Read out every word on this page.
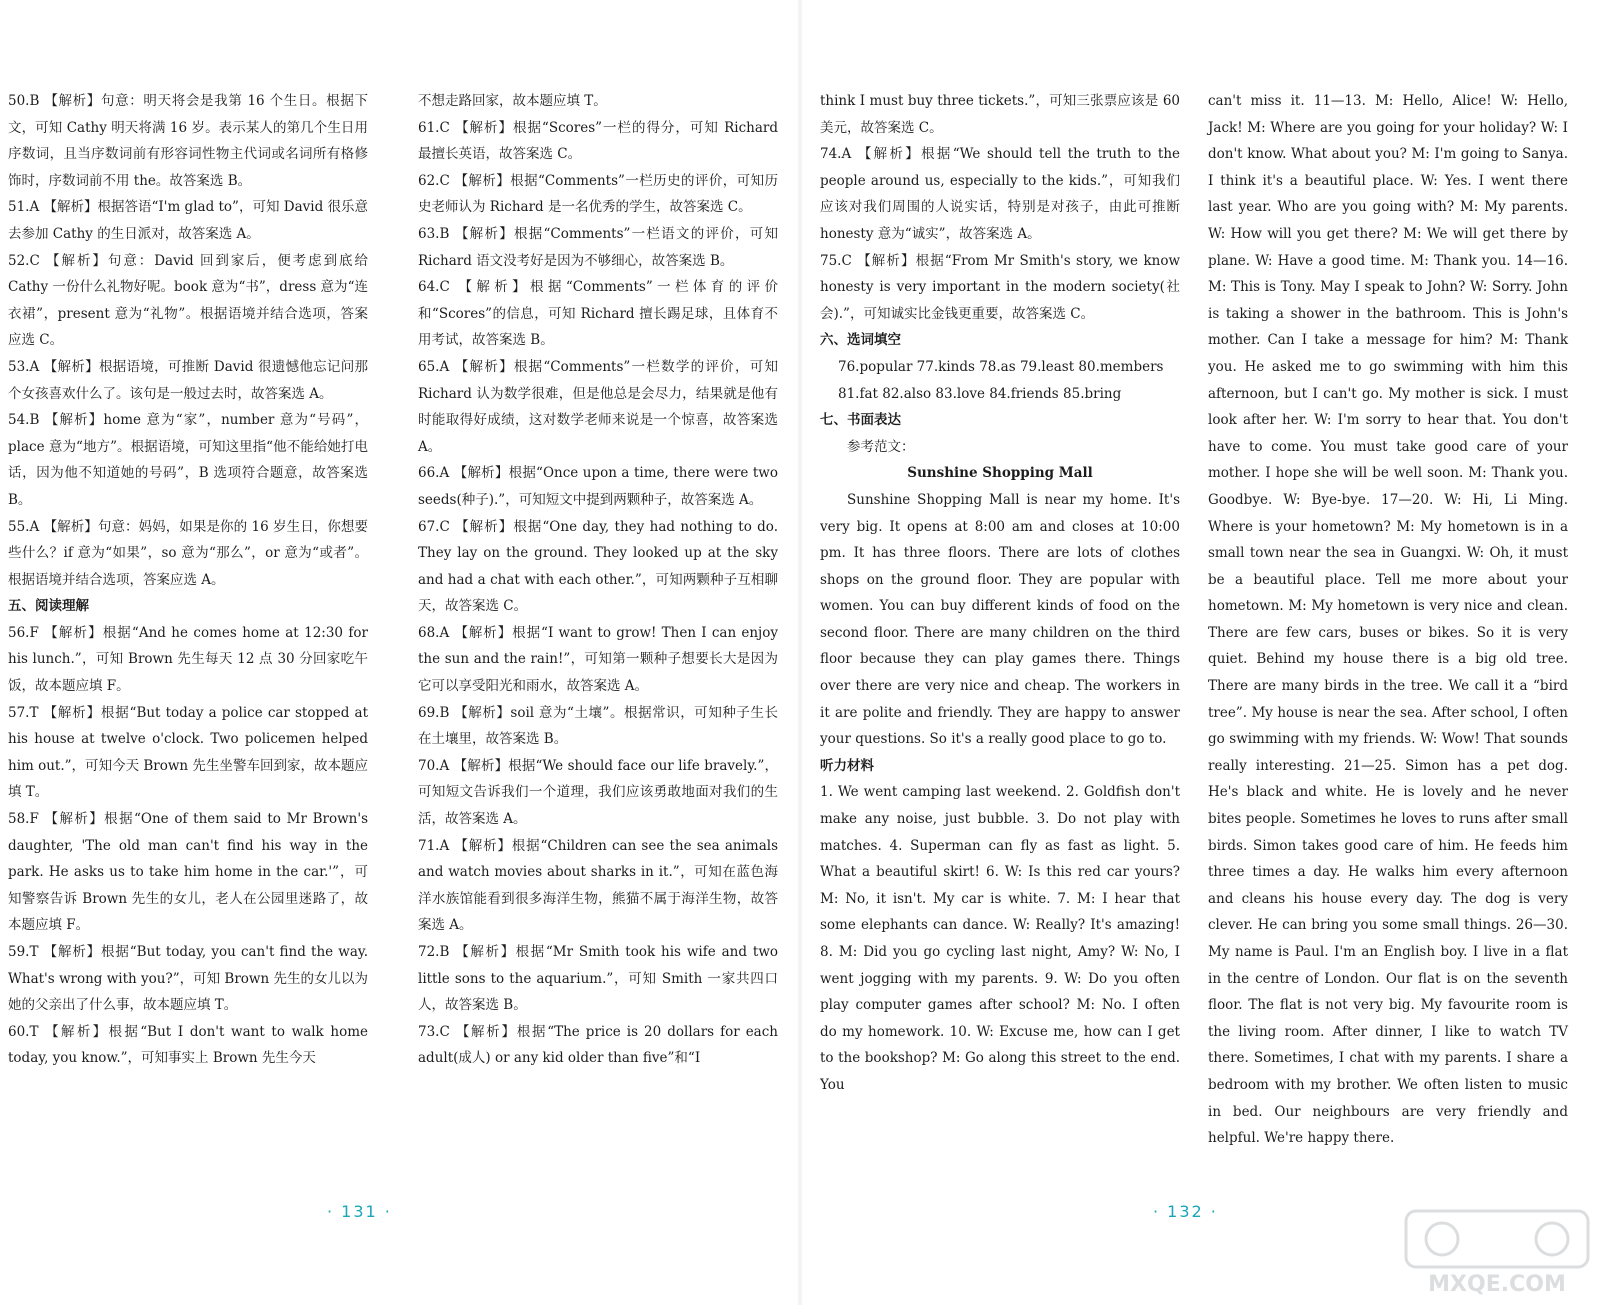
50.B 【解析】句意：明天将会是我第 16 个生日。根据下文，可知 Cathy 明天将满 16 岁。表示某人的第几个生日用序数词，且当序数词前有形容词性物主代词或名词所有格修饰时，序数词前不用 the。故答案选 B。

51.A 【解析】根据答语“I'm glad to”，可知 David 很乐意去参加 Cathy 的生日派对，故答案选 A。

52.C 【解析】句意：David 回到家后，便考虑到底给 Cathy 一份什么礼物好呢。book 意为“书”，dress 意为“连衣裙”，present 意为“礼物”。根据语境并结合选项，答案应选 C。

53.A 【解析】根据语境，可推断 David 很遗憾他忘记问那个女孩喜欢什么了。该句是一般过去时，故答案选 A。

54.B 【解析】home 意为“家”，number 意为“号码”，place 意为“地方”。根据语境，可知这里指“他不能给她打电话，因为他不知道她的号码”，B 选项符合题意，故答案选 B。

55.A 【解析】句意：妈妈，如果是你的 16 岁生日，你想要些什么？if 意为“如果”，so 意为“那么”，or 意为“或者”。根据语境并结合选项，答案应选 A。

五、阅读理解

56.F 【解析】根据“And he comes home at 12:30 for his lunch.”，可知 Brown 先生每天 12 点 30 分回家吃午饭，故本题应填 F。

57.T 【解析】根据“But today a police car stopped at his house at twelve o'clock. Two policemen helped him out.”，可知今天 Brown 先生坐警车回到家，故本题应填 T。

58.F 【解析】根据“One of them said to Mr Brown's daughter, 'The old man can't find his way in the park. He asks us to take him home in the car.'”，可知警察告诉 Brown 先生的女儿，老人在公园里迷路了，故本题应填 F。

59.T 【解析】根据“But today, you can't find the way. What's wrong with you?”，可知 Brown 先生的女儿以为她的父亲出了什么事，故本题应填 T。

60.T 【解析】根据“But I don't want to walk home today, you know.”，可知事实上 Brown 先生今天

不想走路回家，故本题应填 T。

61.C 【解析】根据“Scores”一栏的得分，可知 Richard 最擅长英语，故答案选 C。

62.C 【解析】根据“Comments”一栏历史的评价，可知历史老师认为 Richard 是一名优秀的学生，故答案选 C。

63.B 【解析】根据“Comments”一栏语文的评价，可知 Richard 语文没考好是因为不够细心，故答案选 B。

64.C 【解析】根据“Comments”一栏体育的评价和“Scores”的信息，可知 Richard 擅长踢足球，且体育不用考试，故答案选 B。

65.A 【解析】根据“Comments”一栏数学的评价，可知 Richard 认为数学很难，但是他总是会尽力，结果就是他有时能取得好成绩，这对数学老师来说是一个惊喜，故答案选 A。

66.A 【解析】根据“Once upon a time, there were two seeds(种子).”，可知短文中提到两颗种子，故答案选 A。

67.C 【解析】根据“One day, they had nothing to do. They lay on the ground. They looked up at the sky and had a chat with each other.”，可知两颗种子互相聊天，故答案选 C。

68.A 【解析】根据“I want to grow! Then I can enjoy the sun and the rain!”，可知第一颗种子想要长大是因为它可以享受阳光和雨水，故答案选 A。

69.B 【解析】soil 意为“土壤”。根据常识，可知种子生长在土壤里，故答案选 B。

70.A 【解析】根据“We should face our life bravely.”，可知短文告诉我们一个道理，我们应该勇敢地面对我们的生活，故答案选 A。

71.A 【解析】根据“Children can see the sea animals and watch movies about sharks in it.”，可知在蓝色海洋水族馆能看到很多海洋生物，熊猫不属于海洋生物，故答案选 A。

72.B 【解析】根据“Mr Smith took his wife and two little sons to the aquarium.”，可知 Smith 一家共四口人，故答案选 B。

73.C 【解析】根据“The price is 20 dollars for each adult(成人) or any kid older than five”和“I

· 131 ·

think I must buy three tickets.”，可知三张票应该是 60 美元，故答案选 C。

74.A 【解析】根据“We should tell the truth to the people around us, especially to the kids.”，可知我们应该对我们周围的人说实话，特别是对孩子，由此可推断 honesty 意为“诚实”，故答案选 A。

75.C 【解析】根据“From Mr Smith's story, we know honesty is very important in the modern society(社会).”，可知诚实比金钱更重要，故答案选 C。

六、选词填空

76.popular 77.kinds 78.as 79.least 80.members

81.fat 82.also 83.love 84.friends 85.bring

七、书面表达

参考范文：

Sunshine Shopping Mall

Sunshine Shopping Mall is near my home. It's very big. It opens at 8:00 am and closes at 10:00 pm. It has three floors. There are lots of clothes shops on the ground floor. They are popular with women. You can buy different kinds of food on the second floor. There are many children on the third floor because they can play games there. Things over there are very nice and cheap. The workers in it are polite and friendly. They are happy to answer your questions. So it's a really good place to go to.

听力材料

1. We went camping last weekend. 2. Goldfish don't make any noise, just bubble. 3. Do not play with matches. 4. Superman can fly as fast as light. 5. What a beautiful skirt! 6. W: Is this red car yours? M: No, it isn't. My car is white. 7. M: I hear that some elephants can dance. W: Really? It's amazing! 8. M: Did you go cycling last night, Amy? W: No, I went jogging with my parents. 9. W: Do you often play computer games after school? M: No. I often do my homework. 10. W: Excuse me, how can I get to the bookshop? M: Go along this street to the end. You

can't miss it. 11—13. M: Hello, Alice! W: Hello, Jack! M: Where are you going for your holiday? W: I don't know. What about you? M: I'm going to Sanya. I think it's a beautiful place. W: Yes. I went there last year. Who are you going with? M: My parents. W: How will you get there? M: We will get there by plane. W: Have a good time. M: Thank you. 14—16. M: This is Tony. May I speak to John? W: Sorry. John is taking a shower in the bathroom. This is John's mother. Can I take a message for him? M: Thank you. He asked me to go swimming with him this afternoon, but I can't go. My mother is sick. I must look after her. W: I'm sorry to hear that. You don't have to come. You must take good care of your mother. I hope she will be well soon. M: Thank you. Goodbye. W: Bye-bye. 17—20. W: Hi, Li Ming. Where is your hometown? M: My hometown is in a small town near the sea in Guangxi. W: Oh, it must be a beautiful place. Tell me more about your hometown. M: My hometown is very nice and clean. There are few cars, buses or bikes. So it is very quiet. Behind my house there is a big old tree. There are many birds in the tree. We call it a “bird tree”. My house is near the sea. After school, I often go swimming with my friends. W: Wow! That sounds really interesting. 21—25. Simon has a pet dog. He's black and white. He is lovely and he never bites people. Sometimes he loves to runs after small birds. Simon takes good care of him. He feeds him three times a day. He walks him every afternoon and cleans his house every day. The dog is very clever. He can bring you some small things. 26—30. My name is Paul. I'm an English boy. I live in a flat in the centre of London. Our flat is on the seventh floor. The flat is not very big. My favourite room is the living room. After dinner, I like to watch TV there. Sometimes, I chat with my parents. I share a bedroom with my brother. We often listen to music in bed. Our neighbours are very friendly and helpful. We're happy there.

· 132 ·
MXQE.COM
